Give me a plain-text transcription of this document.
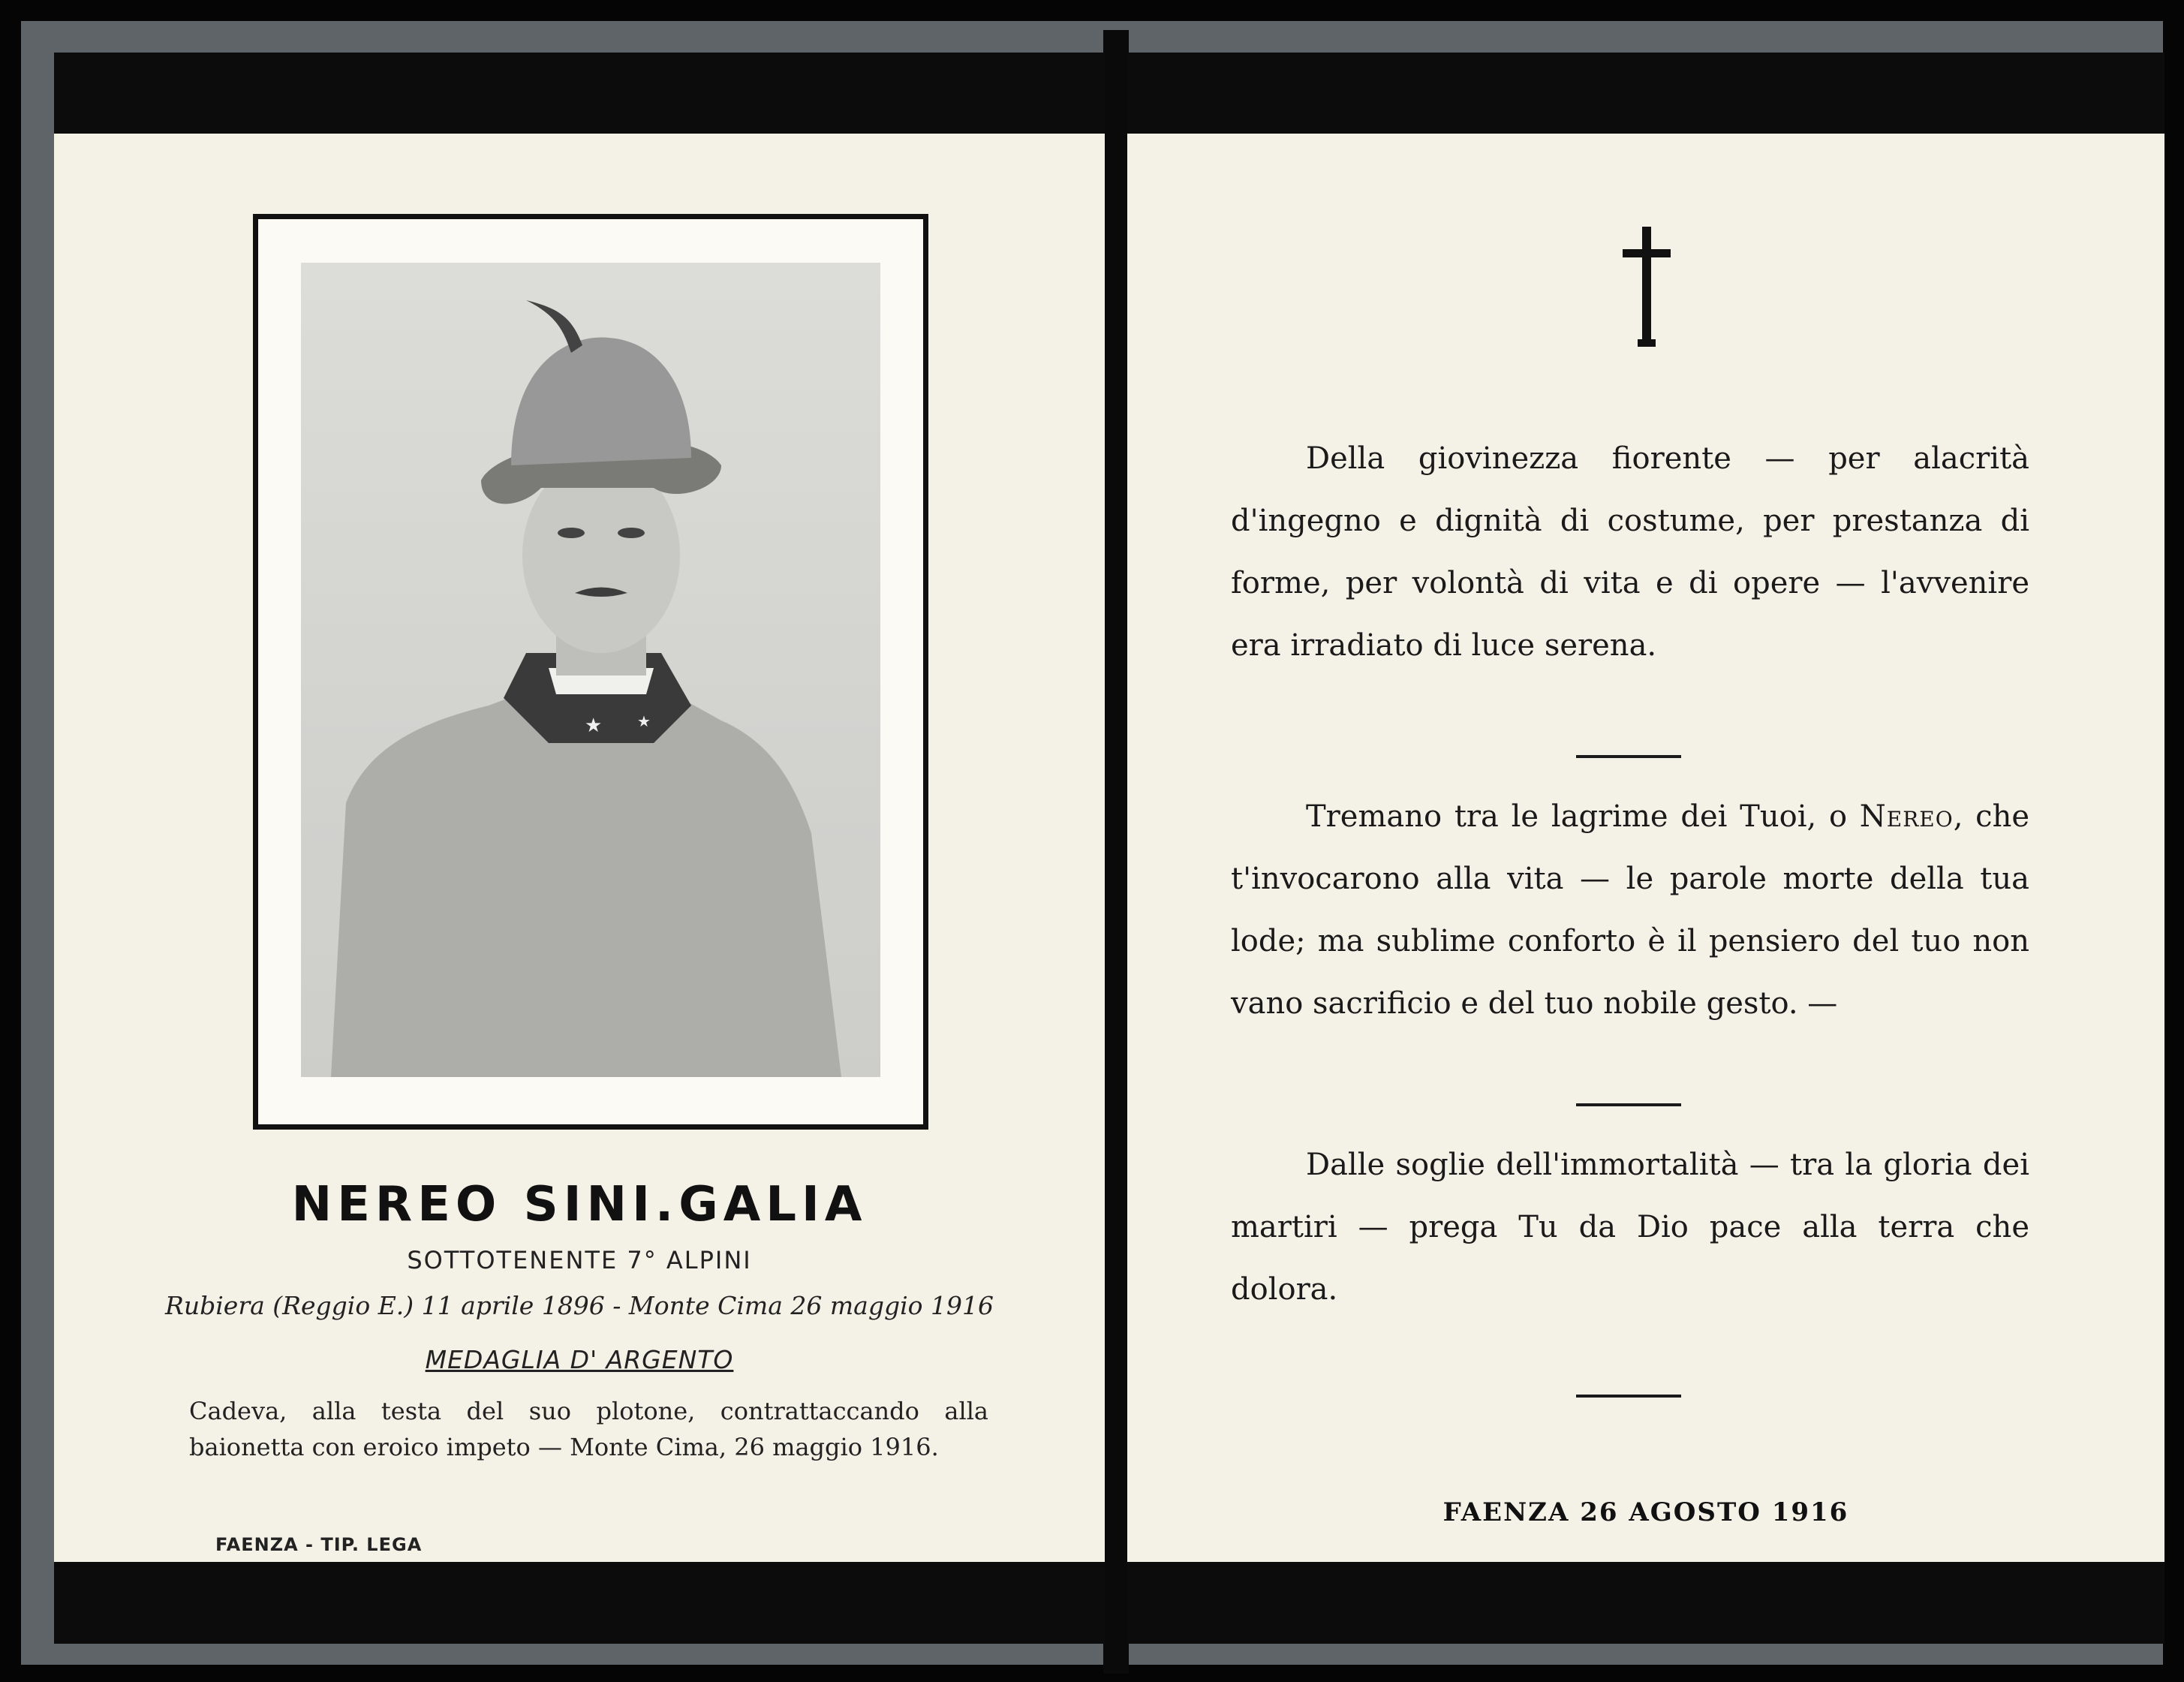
★ ★
NEREO SINI.GALIA
SOTTOTENENTE 7° ALPINI
Rubiera (Reggio E.) 11 aprile 1896 - Monte Cima 26 maggio 1916
MEDAGLIA D' ARGENTO
Cadeva, alla testa del suo plotone, contrattaccando alla baionetta con eroico impeto — Monte Cima, 26 maggio 1916.
FAENZA - TIP. LEGA

Della giovinezza fiorente — per alacrità d'ingegno e dignità di costume, per prestanza di forme, per volontà di vita e di opere — l'avvenire era irradiato di luce serena.

Tremano tra le lagrime dei Tuoi, o Nereo, che t'invocarono alla vita — le parole morte della tua lode; ma sublime conforto è il pensiero del tuo non vano sacrificio e del tuo nobile gesto. —

Dalle soglie dell'immortalità — tra la gloria dei martiri — prega Tu da Dio pace alla terra che dolora.

FAENZA 26 AGOSTO 1916
